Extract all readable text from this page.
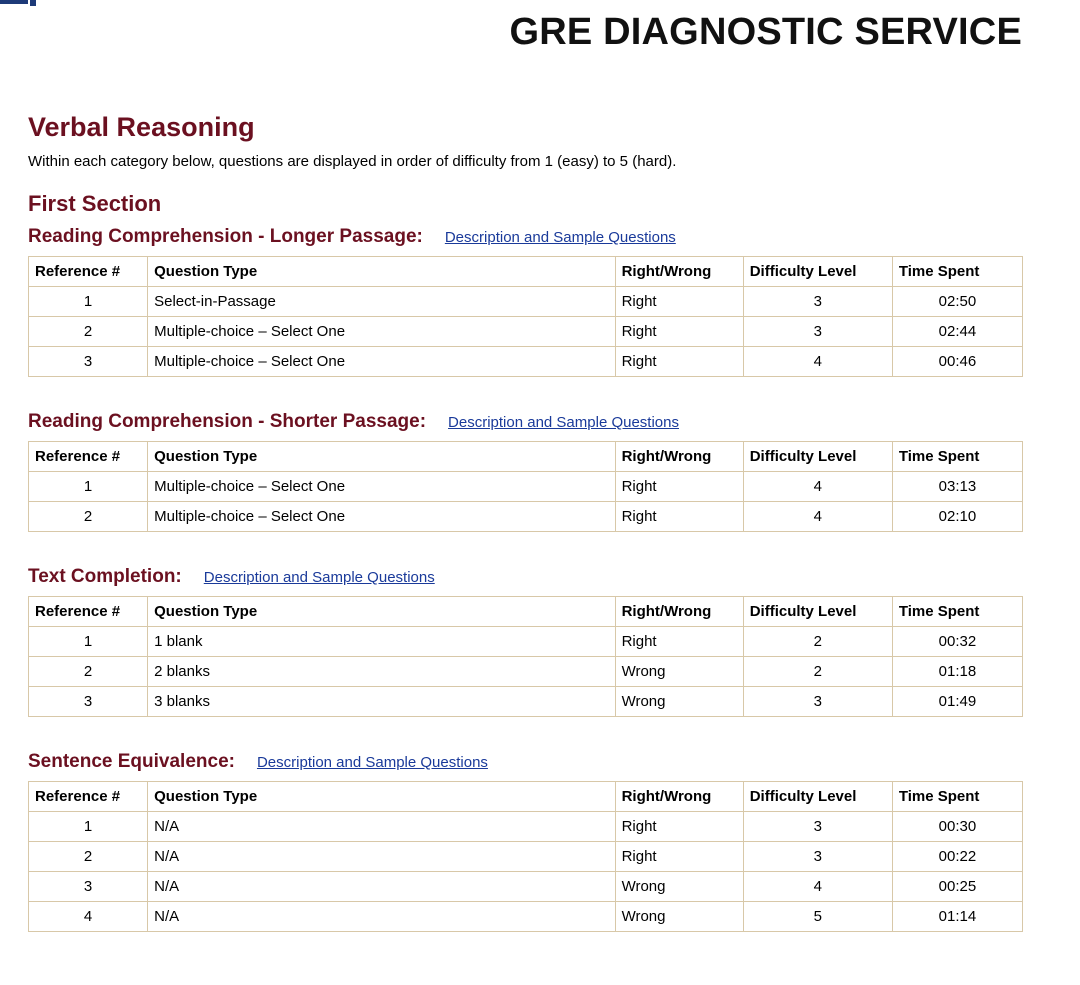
GRE DIAGNOSTIC SERVICE
Verbal Reasoning

Within each category below, questions are displayed in order of difficulty from 1 (easy) to 5 (hard).

First Section
Reading Comprehension - Longer Passage: Description and Sample Questions
Reference #	Question Type	Right/Wrong	Difficulty Level	Time Spent
1	Select-in-Passage	Right	3	02:50
2	Multiple-choice – Select One	Right	3	02:44
3	Multiple-choice – Select One	Right	4	00:46
Reading Comprehension - Shorter Passage: Description and Sample Questions
Reference #	Question Type	Right/Wrong	Difficulty Level	Time Spent
1	Multiple-choice – Select One	Right	4	03:13
2	Multiple-choice – Select One	Right	4	02:10
Text Completion: Description and Sample Questions
Reference #	Question Type	Right/Wrong	Difficulty Level	Time Spent
1	1 blank	Right	2	00:32
2	2 blanks	Wrong	2	01:18
3	3 blanks	Wrong	3	01:49
Sentence Equivalence: Description and Sample Questions
Reference #	Question Type	Right/Wrong	Difficulty Level	Time Spent
1	N/A	Right	3	00:30
2	N/A	Right	3	00:22
3	N/A	Wrong	4	00:25
4	N/A	Wrong	5	01:14
